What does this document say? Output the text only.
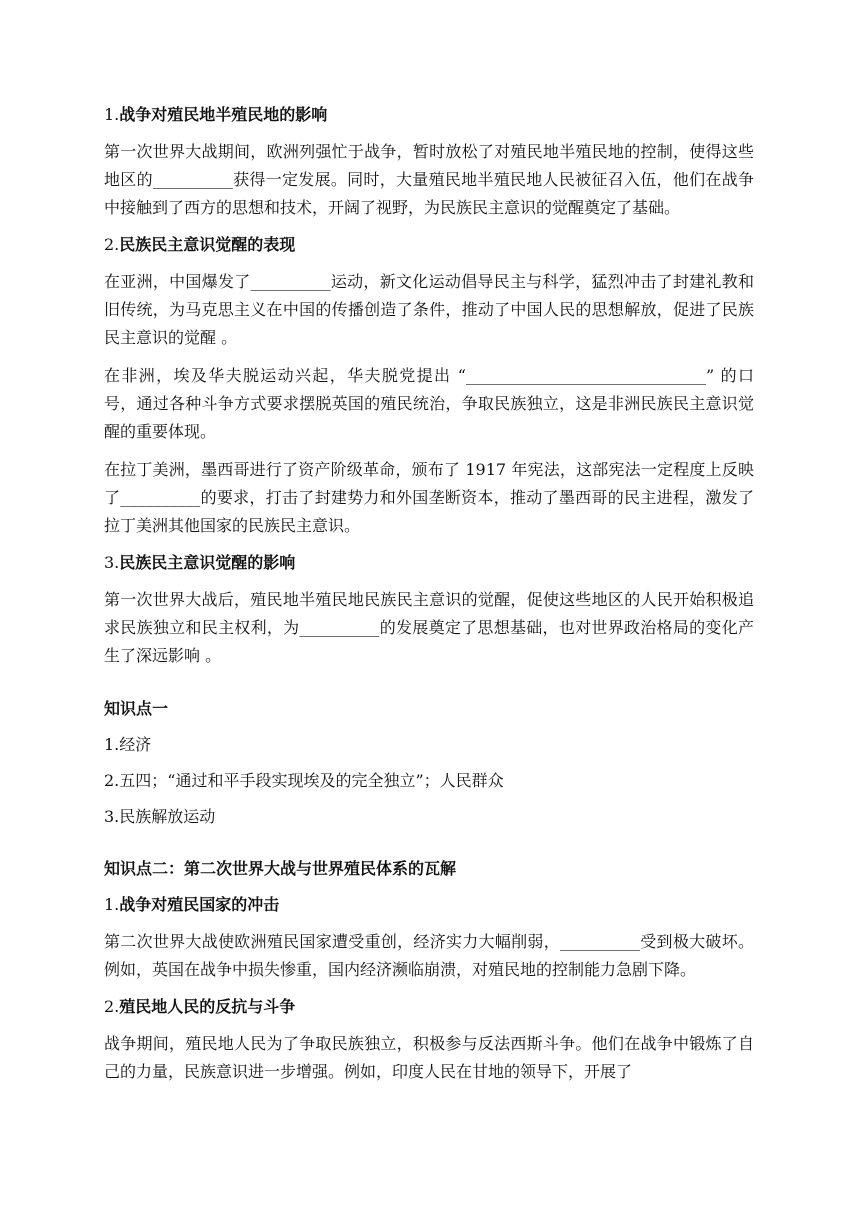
1.战争对殖民地半殖民地的影响
第一次世界大战期间，欧洲列强忙于战争，暂时放松了对殖民地半殖民地的控制，使得这些地区的__________获得一定发展。同时，大量殖民地半殖民地人民被征召入伍，他们在战争中接触到了西方的思想和技术，开阔了视野，为民族民主意识的觉醒奠定了基础。
2.民族民主意识觉醒的表现
在亚洲，中国爆发了__________运动，新文化运动倡导民主与科学，猛烈冲击了封建礼教和旧传统，为马克思主义在中国的传播创造了条件，推动了中国人民的思想解放，促进了民族民主意识的觉醒 。
在非洲，埃及华夫脱运动兴起，华夫脱党提出 “______________________________” 的口号，通过各种斗争方式要求摆脱英国的殖民统治，争取民族独立，这是非洲民族民主意识觉醒的重要体现。
在拉丁美洲，墨西哥进行了资产阶级革命，颁布了 1917 年宪法，这部宪法一定程度上反映了__________的要求，打击了封建势力和外国垄断资本，推动了墨西哥的民主进程，激发了拉丁美洲其他国家的民族民主意识。
3.民族民主意识觉醒的影响
第一次世界大战后，殖民地半殖民地民族民主意识的觉醒，促使这些地区的人民开始积极追求民族独立和民主权利，为__________的发展奠定了思想基础，也对世界政治格局的变化产生了深远影响 。
知识点一
1.经济
2.五四；“通过和平手段实现埃及的完全独立”；人民群众
3.民族解放运动
知识点二：第二次世界大战与世界殖民体系的瓦解
1.战争对殖民国家的冲击
第二次世界大战使欧洲殖民国家遭受重创，经济实力大幅削弱，__________受到极大破坏。例如，英国在战争中损失惨重，国内经济濒临崩溃，对殖民地的控制能力急剧下降。
2.殖民地人民的反抗与斗争
战争期间，殖民地人民为了争取民族独立，积极参与反法西斯斗争。他们在战争中锻炼了自己的力量，民族意识进一步增强。例如，印度人民在甘地的领导下，开展了
